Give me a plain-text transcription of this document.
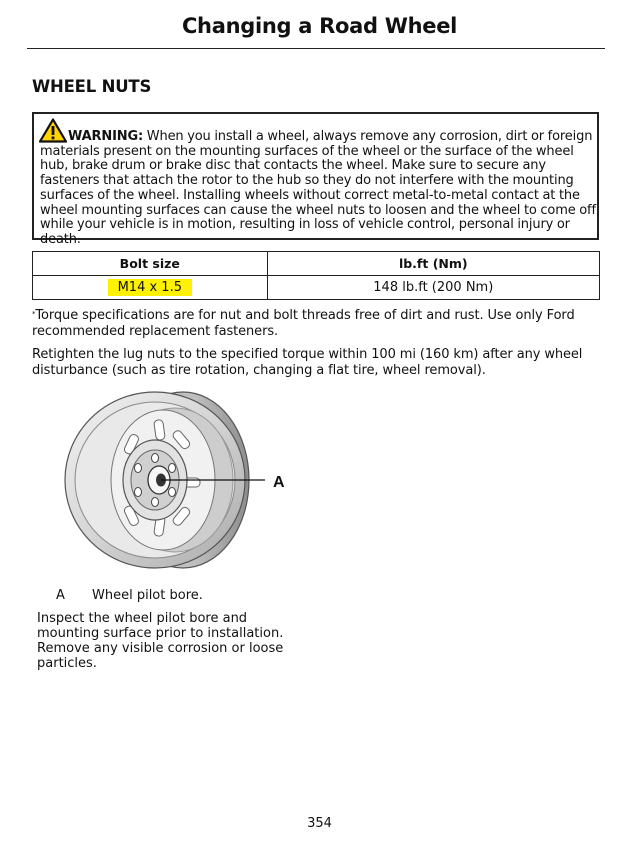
Changing a Road Wheel
WHEEL NUTS
WARNING: When you install a wheel, always remove any corrosion, dirt or foreign materials present on the mounting surfaces of the wheel or the surface of the wheel hub, brake drum or brake disc that contacts the wheel. Make sure to secure any fasteners that attach the rotor to the hub so they do not interfere with the mounting surfaces of the wheel. Installing wheels without correct metal-to-metal contact at the wheel mounting surfaces can cause the wheel nuts to loosen and the wheel to come off while your vehicle is in motion, resulting in loss of vehicle control, personal injury or death.
Bolt size	lb.ft (Nm)
M14 x 1.5	148 lb.ft (200 Nm)
*Torque specifications are for nut and bolt threads free of dirt and rust. Use only Ford recommended replacement fasteners.
Retighten the lug nuts to the specified torque within 100 mi (160 km) after any wheel disturbance (such as tire rotation, changing a flat tire, wheel removal).
A
A Wheel pilot bore.
Inspect the wheel pilot bore and mounting surface prior to installation. Remove any visible corrosion or loose particles.
354
